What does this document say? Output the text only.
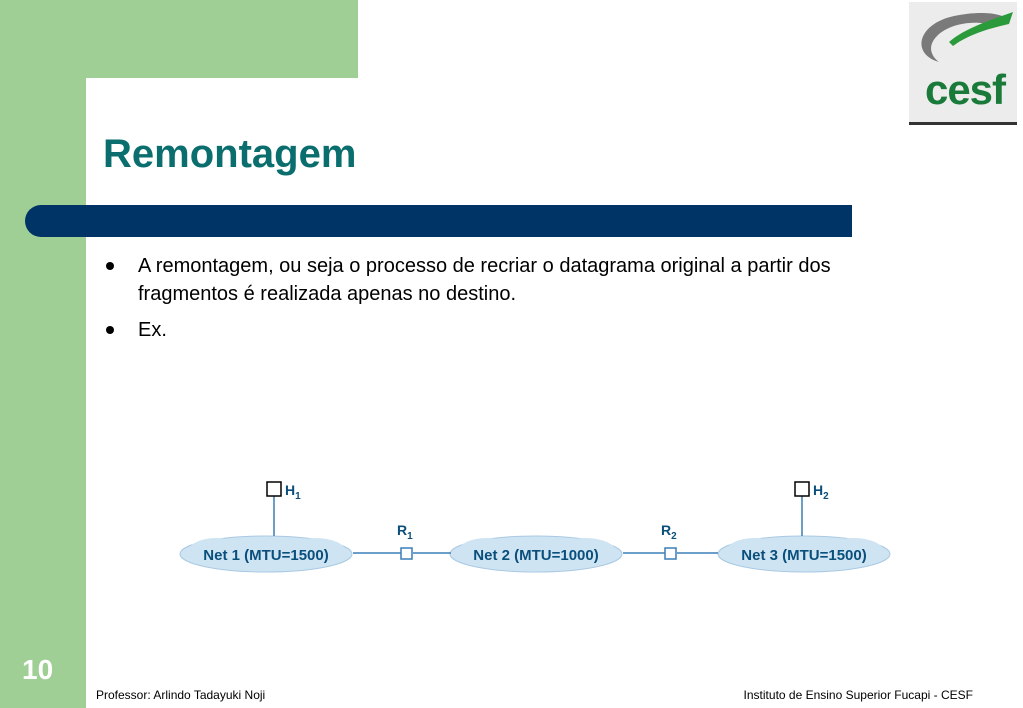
cesf
Remontagem
A remontagem, ou seja o processo de recriar o datagrama original a partir dos fragmentos é realizada apenas no destino.
Ex.
Net 1 (MTU=1500)	Net 2 (MTU=1000)	Net 3 (MTU=1500)
$H_1$	$H_2$
$R_1$	$R_2$
10
Professor: Arlindo Tadayuki Noji	Instituto de Ensino Superior Fucapi - CESF
